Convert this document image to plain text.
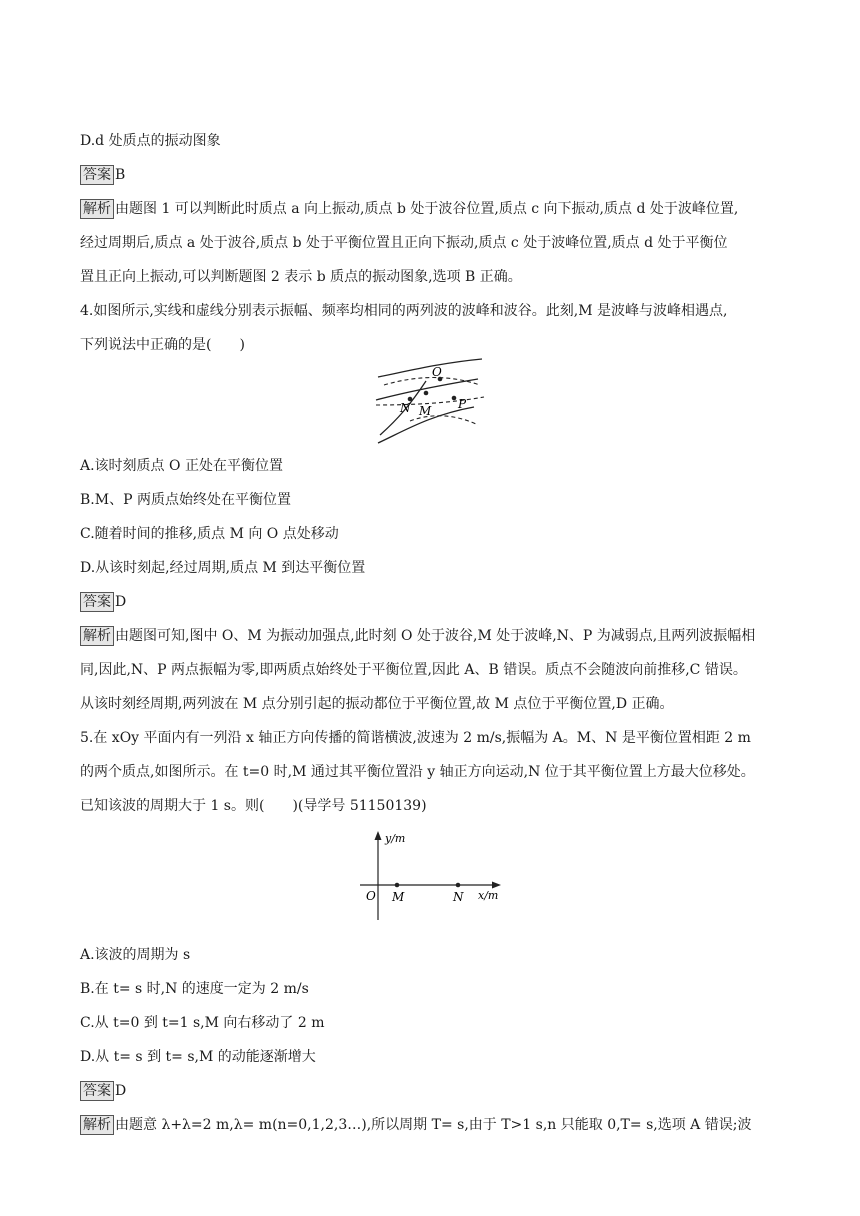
D.d 处质点的振动图象
答案 B
解析 由题图 1 可以判断此时质点 a 向上振动,质点 b 处于波谷位置,质点 c 向下振动,质点 d 处于波峰位置,
经过周期后,质点 a 处于波谷,质点 b 处于平衡位置且正向下振动,质点 c 处于波峰位置,质点 d 处于平衡位
置且正向上振动,可以判断题图 2 表示 b 质点的振动图象,选项 B 正确。
4.如图所示,实线和虚线分别表示振幅、频率均相同的两列波的波峰和波谷。此刻,M 是波峰与波峰相遇点,
下列说法中正确的是(　　)
O
N M P
A.该时刻质点 O 正处在平衡位置
B.M、P 两质点始终处在平衡位置
C.随着时间的推移,质点 M 向 O 点处移动
D.从该时刻起,经过周期,质点 M 到达平衡位置
答案 D
解析 由题图可知,图中 O、M 为振动加强点,此时刻 O 处于波谷,M 处于波峰,N、P 为减弱点,且两列波振幅相
同,因此,N、P 两点振幅为零,即两质点始终处于平衡位置,因此 A、B 错误。质点不会随波向前推移,C 错误。
从该时刻经周期,两列波在 M 点分别引起的振动都位于平衡位置,故 M 点位于平衡位置,D 正确。
5.在 xOy 平面内有一列沿 x 轴正方向传播的简谐横波,波速为 2 m/s,振幅为 A。M、N 是平衡位置相距 2 m
的两个质点,如图所示。在 t=0 时,M 通过其平衡位置沿 y 轴正方向运动,N 位于其平衡位置上方最大位移处。
已知该波的周期大于 1 s。则(　　)(导学号 51150139)
y/m
x/m
O M	N
A.该波的周期为 s
B.在 t= s 时,N 的速度一定为 2 m/s
C.从 t=0 到 t=1 s,M 向右移动了 2 m
D.从 t= s 到 t= s,M 的动能逐渐增大
答案 D
解析 由题意 λ+λ=2 m,λ= m(n=0,1,2,3…),所以周期 T= s,由于 T>1 s,n 只能取 0,T= s,选项 A 错误;波
